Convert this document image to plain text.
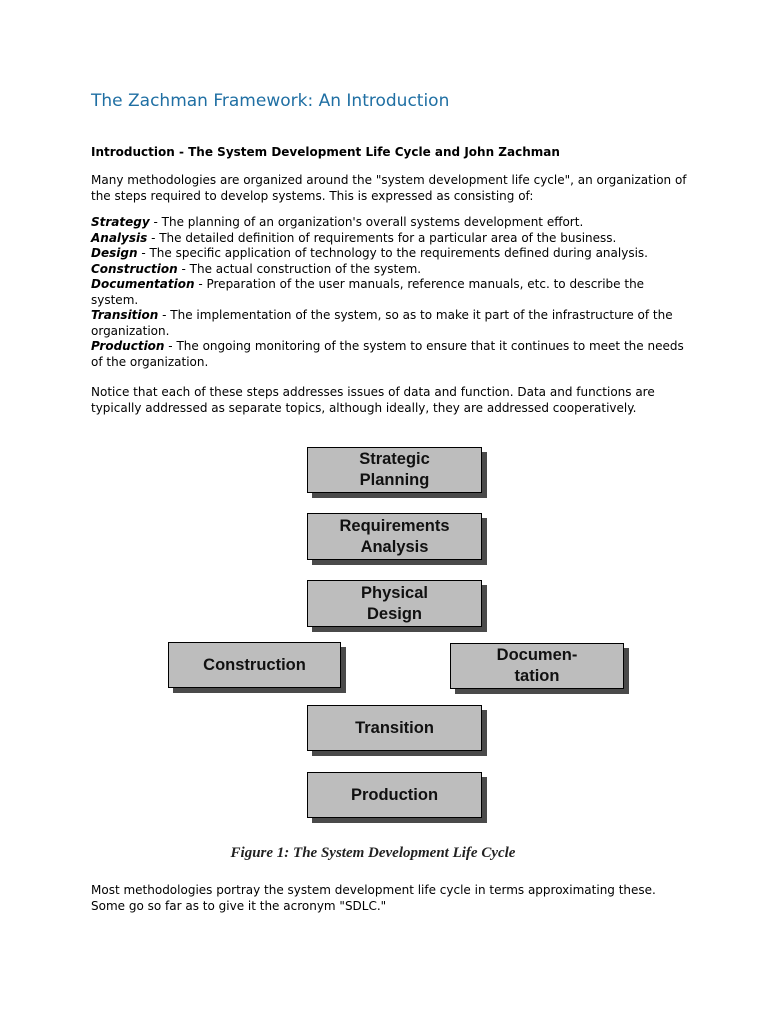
The Zachman Framework: An Introduction
Introduction - The System Development Life Cycle and John Zachman
Many methodologies are organized around the "system development life cycle", an organization of the steps required to develop systems. This is expressed as consisting of:
Strategy - The planning of an organization's overall systems development effort.
Analysis - The detailed definition of requirements for a particular area of the business.
Design - The specific application of technology to the requirements defined during analysis.
Construction - The actual construction of the system.
Documentation - Preparation of the user manuals, reference manuals, etc. to describe the system.
Transition - The implementation of the system, so as to make it part of the infrastructure of the organization.
Production - The ongoing monitoring of the system to ensure that it continues to meet the needs of the organization.
Notice that each of these steps addresses issues of data and function. Data and functions are typically addressed as separate topics, although ideally, they are addressed cooperatively.
Strategic
Planning
Requirements
Analysis
Physical
Design
Construction
Documen-
tation
Transition
Production
Figure 1: The System Development Life Cycle
Most methodologies portray the system development life cycle in terms approximating these. Some go so far as to give it the acronym "SDLC."
